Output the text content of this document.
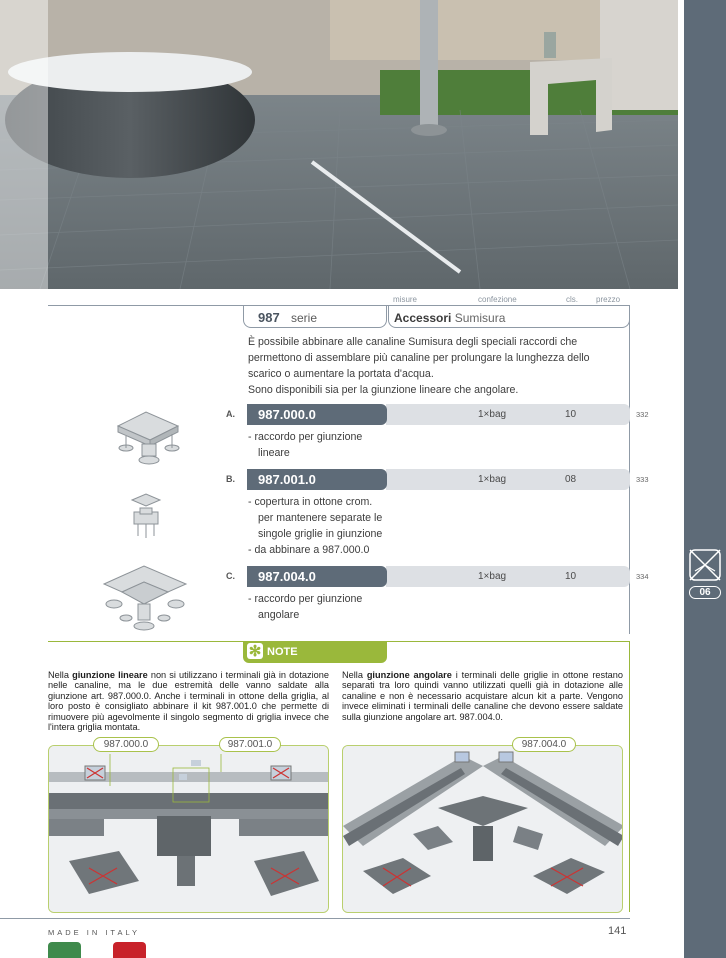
06
misure	confezione	cls. prezzo
987 serie	Accessori Sumisura
È possibile abbinare alle canaline Sumisura degli speciali raccordi che
permettono di assemblare più canaline per prolungare la lunghezza dello
scarico o aumentare la portata d'acqua.
Sono disponibili sia per la giunzione lineare che angolare.
A.	987.000.0	1×bag	10	332
- raccordo per giunzione
lineare
B.	987.001.0	1×bag	08	333
- copertura in ottone crom.
per mantenere separate le
singole griglie in giunzione
- da abbinare a 987.000.0
C.	987.004.0	1×bag	10	334
- raccordo per giunzione
angolare
✻ NOTE
Nella giunzione lineare non si utilizzano i terminali già in dotazione nelle canaline, ma le due estremità delle vanno saldate alla giunzione art. 987.000.0. Anche i terminali in ottone della griglia, al loro posto è consigliato abbinare il kit 987.001.0 che permette di rimuovere più agevolmente il singolo segmento di griglia invece che l'intera griglia montata.
Nella giunzione angolare i terminali delle griglie in ottone restano separati tra loro quindi vanno utilizzati quelli già in dotazione alle canaline e non è necessario acquistare alcun kit a parte. Vengono invece eliminati i terminali delle canaline che devono essere saldate sulla giunzione angolare art. 987.004.0.
987.000.0	987.001.0	987.004.0
MADE IN ITALY	141
